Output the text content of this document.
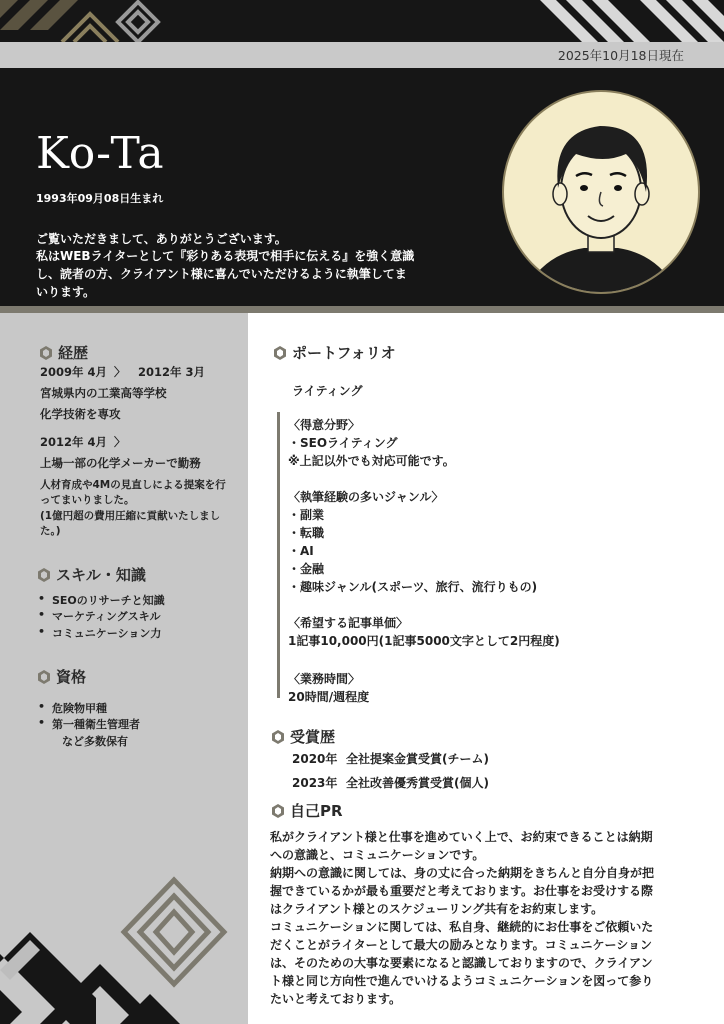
2025年10月18日現在
Ko-Ta
1993年09月08日生まれ
ご覧いただきまして、ありがとうございます。
私はWEBライターとして『彩りある表現で相手に伝える』を強く意識
し、読者の方、クライアント様に喜んでいただけるように執筆してま
いります。
経歴
2009年 4月 〉 2012年 3月
宮城県内の工業高等学校
化学技術を専攻
2012年 4月 〉
上場一部の化学メーカーで勤務
人材育成や4Mの見直しによる提案を行
ってまいりました。
(1億円超の費用圧縮に貢献いたしまし
た。)
スキル・知識
• SEOのリサーチと知識
• マーケティングスキル
• コミュニケーション力
資格
• 危険物甲種
• 第一種衛生管理者
など多数保有
ポートフォリオ
ライティング
〈得意分野〉
・SEOライティング
※上記以外でも対応可能です。
〈執筆経験の多いジャンル〉
・副業
・転職
・AI
・金融
・趣味ジャンル(スポーツ、旅行、流行りもの)
〈希望する記事単価〉
1記事10,000円(1記事5000文字として2円程度)
〈業務時間〉
20時間/週程度
受賞歴
2020年 全社提案金賞受賞(チーム)
2023年 全社改善優秀賞受賞(個人)
自己PR
私がクライアント様と仕事を進めていく上で、お約束できることは納期
への意識と、コミュニケーションです。
納期への意識に関しては、身の丈に合った納期をきちんと自分自身が把
握できているかが最も重要だと考えております。お仕事をお受けする際
はクライアント様とのスケジューリング共有をお約束します。
コミュニケーションに関しては、私自身、継続的にお仕事をご依頼いた
だくことがライターとして最大の励みとなります。コミュニケーション
は、そのための大事な要素になると認識しておりますので、クライアン
ト様と同じ方向性で進んでいけるようコミュニケーションを図って参り
たいと考えております。
